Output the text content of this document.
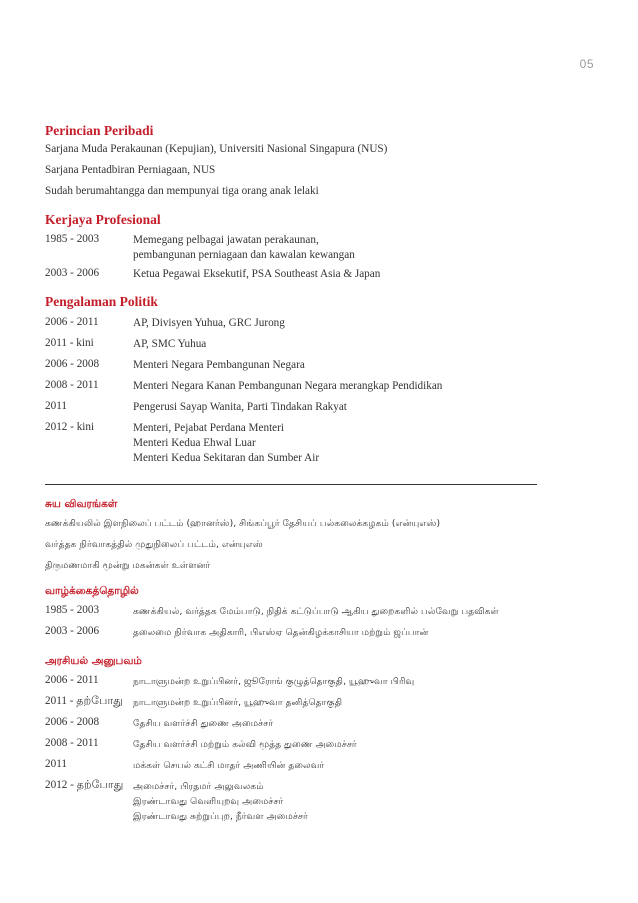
05
Perincian Peribadi
Sarjana Muda Perakaunan (Kepujian), Universiti Nasional Singapura (NUS)
Sarjana Pentadbiran Perniagaan, NUS
Sudah berumahtangga dan mempunyai tiga orang anak lelaki
Kerjaya Profesional
1985 - 2003	Memegang pelbagai jawatan perakaunan,
pembangunan perniagaan dan kawalan kewangan
2003 - 2006	Ketua Pegawai Eksekutif, PSA Southeast Asia & Japan
Pengalaman Politik
2006 - 2011	AP, Divisyen Yuhua, GRC Jurong
2011 - kini	AP, SMC Yuhua
2006 - 2008	Menteri Negara Pembangunan Negara
2008 - 2011	Menteri Negara Kanan Pembangunan Negara merangkap Pendidikan
2011	Pengerusi Sayap Wanita, Parti Tindakan Rakyat
2012 - kini	Menteri, Pejabat Perdana Menteri
Menteri Kedua Ehwal Luar
Menteri Kedua Sekitaran dan Sumber Air
சுய விவரங்கள்
கணக்கியலில் இளநிலைப் பட்டம் (ஹானர்ஸ்), சிங்கப்பூர் தேசியப் பல்கலைக்கழகம் (என்யுஎஸ்)
வர்த்தக நிர்வாகத்தில் முதுநிலைப் பட்டம், என்யுஎஸ்
திருமணமாகி மூன்று மகன்கள் உள்ளனர்
வாழ்க்கைத்தொழில்
1985 - 2003	கணக்கியல், வர்த்தக மேம்பாடு, நிதிக் கட்டுப்பாடு ஆகிய துறைகளில் பல்வேறு பதவிகள்
2003 - 2006	தலைமை நிர்வாக அதிகாரி, பிஎஸ்ஏ தென்கிழக்காசியா மற்றும் ஜப்பான்
அரசியல் அனுபவம்
2006 - 2011	நாடாளுமன்ற உறுப்பினர், ஜூரோங் குழுத்தொகுதி, யூஹுவா பிரிவு
2011 - தற்போது நாடாளுமன்ற உறுப்பினர், யூஹுவா தனித்தொகுதி
2006 - 2008	தேசிய வளர்ச்சி துணை அமைச்சர்
2008 - 2011	தேசிய வளர்ச்சி மற்றும் கல்வி மூத்த துணை அமைச்சர்
2011	மக்கள் செயல் கட்சி மாதர் அணியின் தலைவர்
2012 - தற்போது அமைச்சர், பிரதமர் அலுவலகம்
இரண்டாவது வெளியுறவு அமைச்சர்
இரண்டாவது சுற்றுப்புற, நீர்வள அமைச்சர்
